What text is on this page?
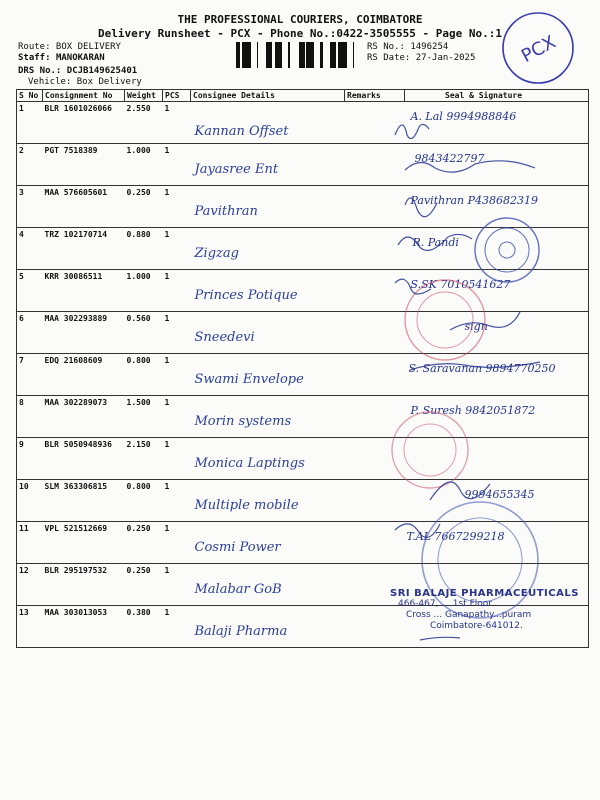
THE PROFESSIONAL COURIERS, COIMBATORE
Delivery Runsheet - PCX - Phone No.:0422-3505555 - Page No.:1
Route: BOX DELIVERY
Staff: MANOKARAN
DRS No.: DCJB149625401
Vehicle: Box Delivery
RS No.: 1496254
RS Date: 27-Jan-2025 PCX
S No	Consignment No	Weight	PCS	Consignee Details	Remarks	Seal & Signature
1	BLR 1601026066	2.550	1	Kannan Offset		A. Lal 9994988846

2	PGT 7518389	1.000	1	Jayasree Ent		9843422797

3	MAA 576605601	0.250	1	Pavithran		Pavithran P438682319

4	TRZ 102170714	0.880	1	Zigzag		R. Pandi

5	KRR 30086511	1.000	1	Princes Potique		S.SK 7010541627

6	MAA 302293889	0.560	1	Sneedevi		sign

7	EDQ 21608609	0.800	1	Swami Envelope		S. Saravanan 9894770250

8	MAA 302289073	1.500	1	Morin systems		P. Suresh 9842051872

9	BLR 5050948936	2.150	1	Monica Laptings		

10	SLM 363306815	0.800	1	Multiple mobile		9994655345

11	VPL 521512669	0.250	1	Cosmi Power		T.AL 7667299218

12	BLR 295197532	0.250	1	Malabar GoB		

13	MAA 303013053	0.380	1	Balaji Pharma		

SRI BALAJE PHARMACEUTICALS
466-467, ... 1st Floor
Cross ... Ganapathy...puram
Coimbatore-641012.
